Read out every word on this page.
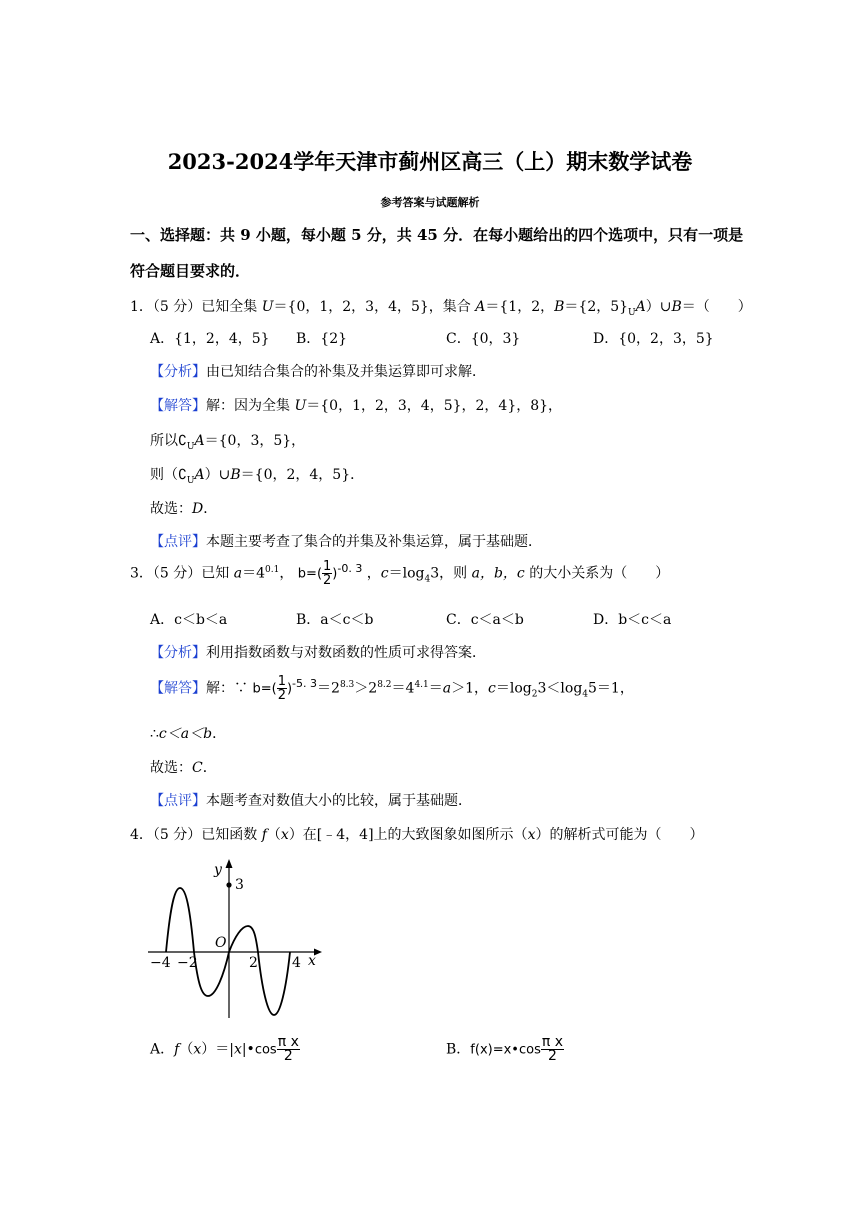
2023-2024学年天津市蓟州区高三（上）期末数学试卷
参考答案与试题解析
一、选择题：共 9 小题，每小题 5 分，共 45 分．在每小题给出的四个选项中，只有一项是
符合题目要求的．
1．（5 分）已知全集 U＝{0，1，2，3，4，5}，集合 A＝{1，2，B＝{2，$5\}_UA)\cup B=$（　　）
A．{1，2，4，5} B．{2}	C．{0，3}	D．{0，2，3，5}
【分析】由已知结合集合的补集及并集运算即可求解．
【解答】解：因为全集 U＝{0，1，2，3，4，5}，2，4}，8}，
所以$∁_UA=\{0$，3，5}，
则$(∁_UA)\cup B=\{0$，2，4，5}．
故选：D．
【点评】本题主要考查了集合的并集及补集运算，属于基础题．
3．（5 分）已知 $a=4^{0.1}$， $b=( \frac{1}{2} )^{-0. 3}$ ，$c=\log_43$，则 a，b，c 的大小关系为（　　）
A．c＜b＜a	B．a＜c＜b	C．c＜a＜b	D．b＜c＜a
【分析】利用指数函数与对数函数的性质可求得答案．
【解答】解：∵ $b=( \frac{1}{2} )^{-5. 3}=2^{8.3}>2^{8.2}=4^{4.1}=a>1$，$c=\log_23<\log_45=1$，
∴c＜a＜b．
故选：C．
【点评】本题考查对数值大小的比较，属于基础题．
4．（5 分）已知函数 f（x）在[﹣4，4]上的大致图象如图所示（x）的解析式可能为（　　）
y
x
O
3
−4 −2	2 4
A．f（x）＝|x|•cos $\frac{\text{π x}}{2}$	B．f(x)=x•cos $\frac{\text{π x}}{2}$
